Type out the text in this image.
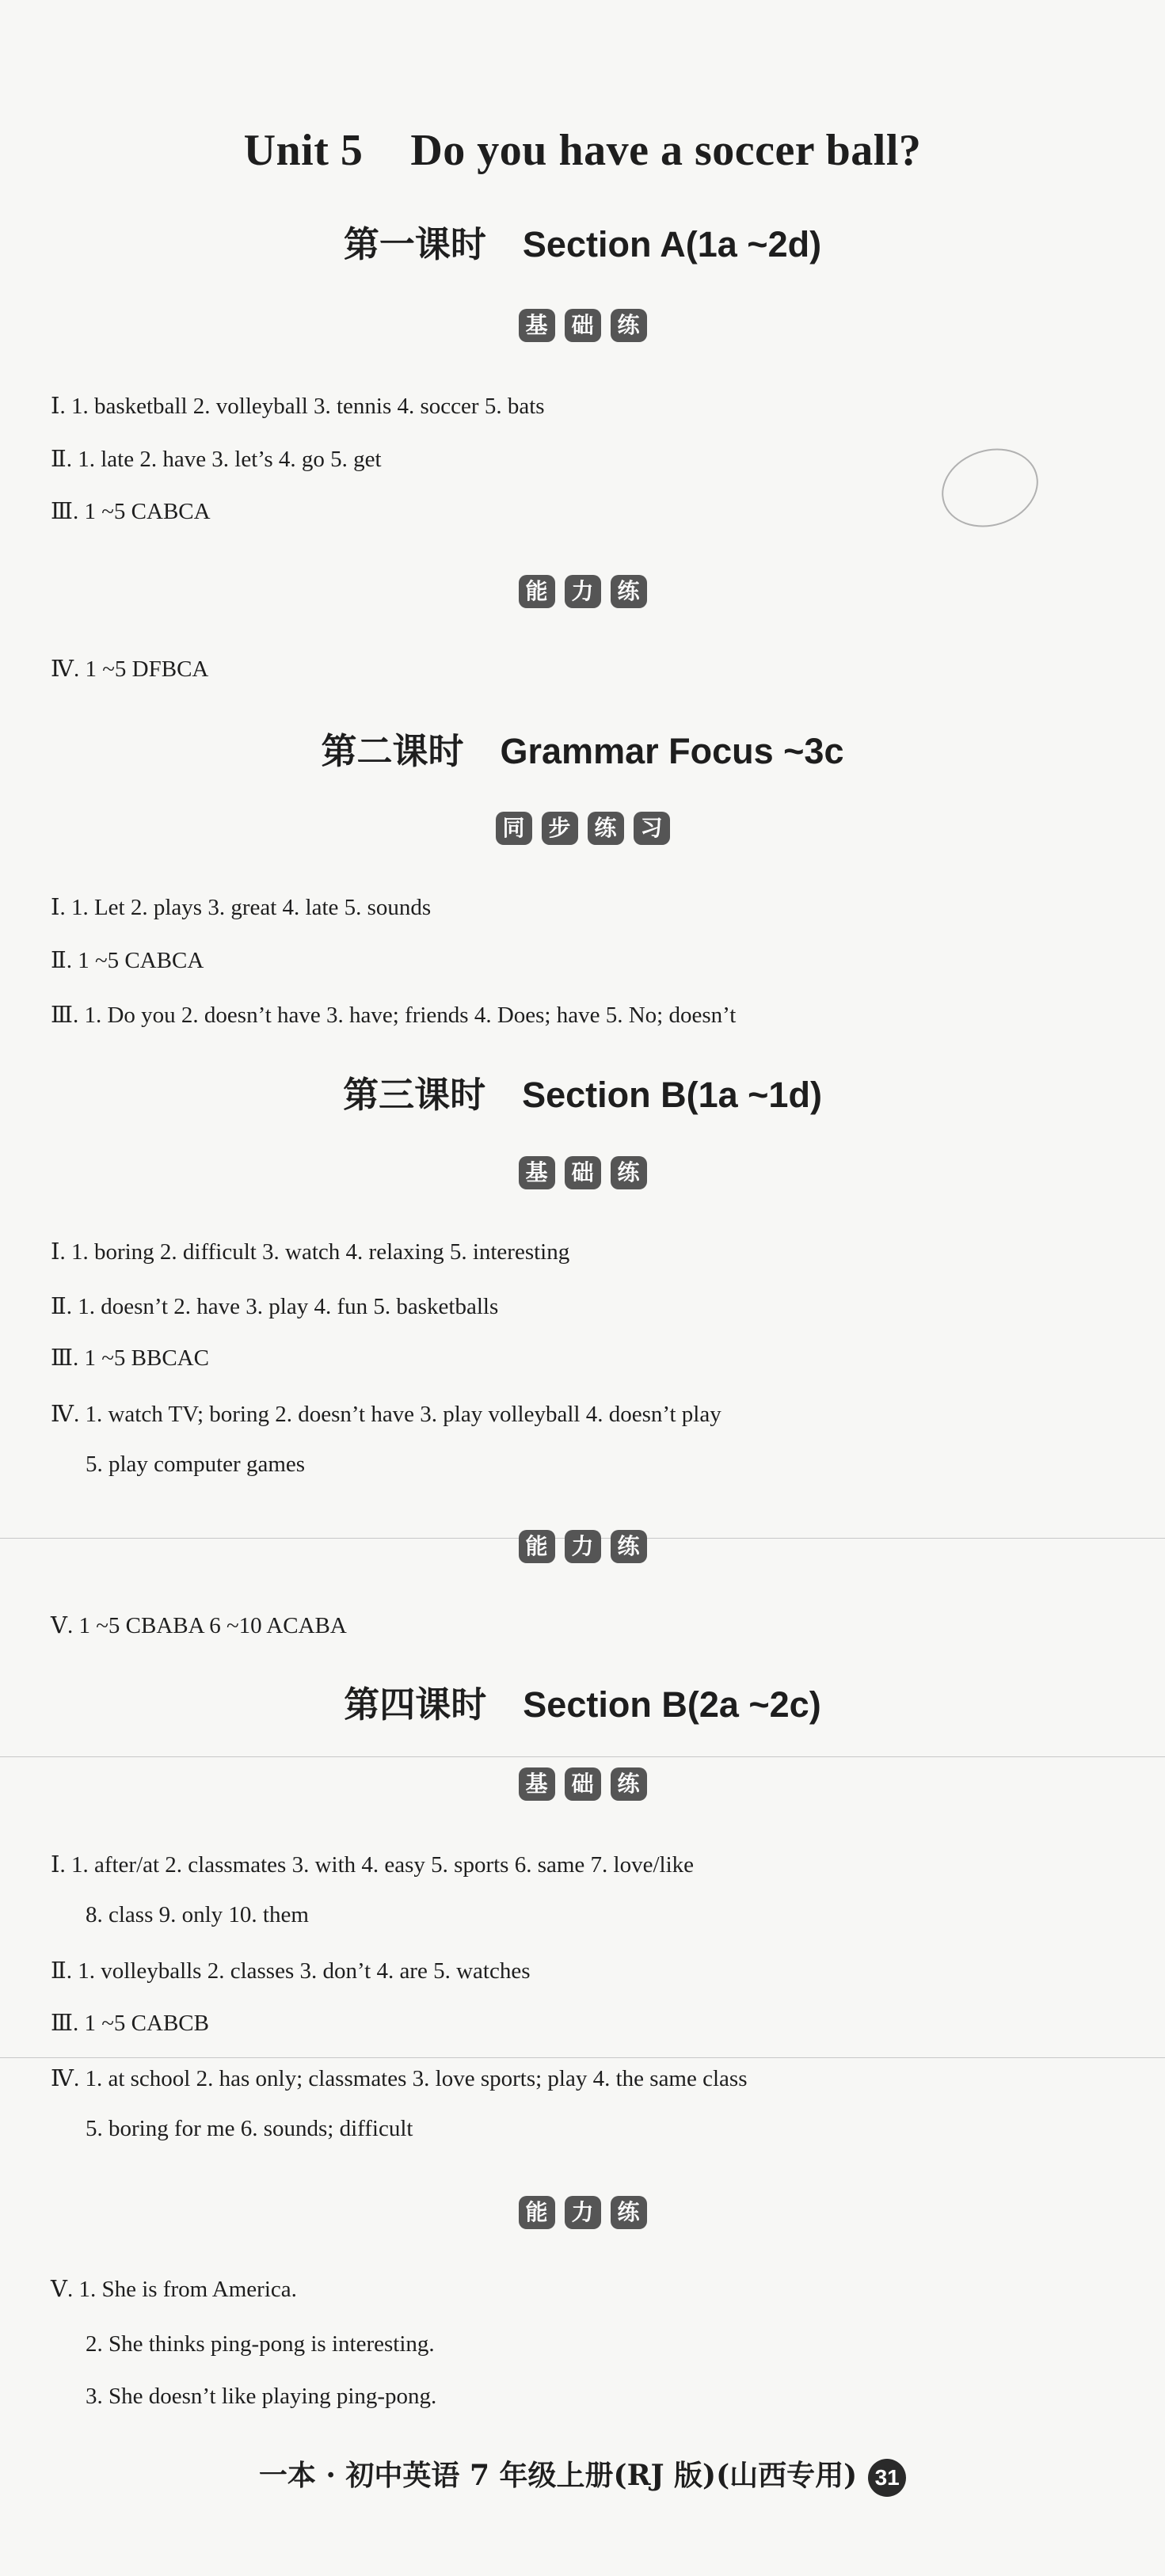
Unit 5 Do you have a soccer ball?
第一课时 Section A(1a ~2d)
基 础 练
Ⅰ. 1. basketball 2. volleyball 3. tennis 4. soccer 5. bats
Ⅱ. 1. late 2. have 3. let’s 4. go 5. get
Ⅲ. 1 ~5 CABCA
能 力 练
Ⅳ. 1 ~5 DFBCA
第二课时 Grammar Focus ~3c
同 步 练 习
Ⅰ. 1. Let 2. plays 3. great 4. late 5. sounds
Ⅱ. 1 ~5 CABCA
Ⅲ. 1. Do you 2. doesn’t have 3. have; friends 4. Does; have 5. No; doesn’t
第三课时 Section B(1a ~1d)
基 础 练
Ⅰ. 1. boring 2. difficult 3. watch 4. relaxing 5. interesting
Ⅱ. 1. doesn’t 2. have 3. play 4. fun 5. basketballs
Ⅲ. 1 ~5 BBCAC
Ⅳ. 1. watch TV; boring 2. doesn’t have 3. play volleyball 4. doesn’t play
5. play computer games
能 力 练
Ⅴ. 1 ~5 CBABA 6 ~10 ACABA
第四课时 Section B(2a ~2c)
基 础 练
Ⅰ. 1. after/at 2. classmates 3. with 4. easy 5. sports 6. same 7. love/like
8. class 9. only 10. them
Ⅱ. 1. volleyballs 2. classes 3. don’t 4. are 5. watches
Ⅲ. 1 ~5 CABCB
Ⅳ. 1. at school 2. has only; classmates 3. love sports; play 4. the same class
5. boring for me 6. sounds; difficult
能 力 练
Ⅴ. 1. She is from America.
2. She thinks ping-pong is interesting.
3. She doesn’t like playing ping-pong.
一本 · 初中英语 7 年级上册(RJ 版)(山西专用) 31
